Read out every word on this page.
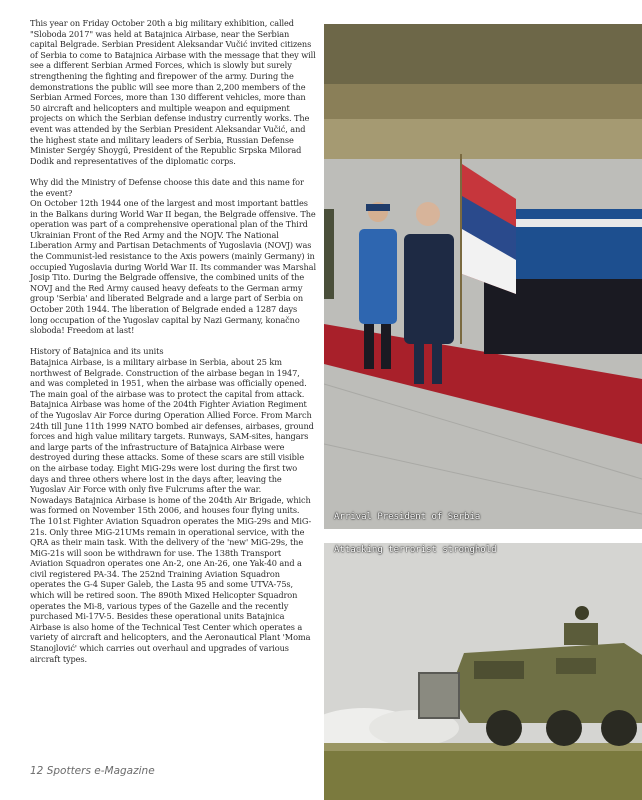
This year on Friday October 20th a big military exhibition, called "Sloboda 2017" was held at Batajnica Airbase, near the Serbian capital Belgrade. Serbian President Aleksandar Vučić invited citizens of Serbia to come to Batajnica Airbase with the message that they will see a different Serbian Armed Forces, which is slowly but surely strengthening the fighting and firepower of the army. During the demonstrations the public will see more than 2,200 members of the Serbian Armed Forces, more than 130 different vehicles, more than 50 aircraft and helicopters and multiple weapon and equipment projects on which the Serbian defense industry currently works. The event was attended by the Serbian President Aleksandar Vučić, and the highest state and military leaders of Serbia, Russian Defense Minister Sergéy Shoygú, President of the Republic Srpska Milorad Dodik and representatives of the diplomatic corps.

Why did the Ministry of Defense choose this date and this name for the event?
On October 12th 1944 one of the largest and most important battles in the Balkans during World War II began, the Belgrade offensive. The operation was part of a comprehensive operational plan of the Third Ukrainian Front of the Red Army and the NOJV. The National Liberation Army and Partisan Detachments of Yugoslavia (NOVJ) was the Communist-led resistance to the Axis powers (mainly Germany) in occupied Yugoslavia during World War II. Its commander was Marshal Josip Tito. During the Belgrade offensive, the combined units of the NOVJ and the Red Army caused heavy defeats to the German army group 'Serbia' and liberated Belgrade and a large part of Serbia on October 20th 1944. The liberation of Belgrade ended a 1287 days long occupation of the Yugoslav capital by Nazi Germany, konačno sloboda! Freedom at last!

History of Batajnica and its units
Batajnica Airbase, is a military airbase in Serbia, about 25 km northwest of Belgrade. Construction of the airbase began in 1947, and was completed in 1951, when the airbase was officially opened. The main goal of the airbase was to protect the capital from attack. Batajnica Airbase was home of the 204th Fighter Aviation Regiment of the Yugoslav Air Force during Operation Allied Force. From March 24th till June 11th 1999 NATO bombed air defenses, airbases, ground forces and high value military targets. Runways, SAM-sites, hangars and large parts of the infrastructure of Batajnica Airbase were destroyed during these attacks. Some of these scars are still visible on the airbase today. Eight MiG-29s were lost during the first two days and three others where lost in the days after, leaving the Yugoslav Air Force with only five Fulcrums after the war.

Nowadays Batajnica Airbase is home of the 204th Air Brigade, which was formed on November 15th 2006, and houses four flying units. The 101st Fighter Aviation Squadron operates the MiG-29s and MiG-21s. Only three MiG-21UMs remain in operational service, with the QRA as their main task. With the delivery of the 'new' MiG-29s, the MiG-21s will soon be withdrawn for use. The 138th Transport Aviation Squadron operates one An-2, one An-26, one Yak-40 and a civil registered PA-34. The 252nd Training Aviation Squadron operates the G-4 Super Galeb, the Lasta 95 and some UTVA-75s, which will be retired soon. The 890th Mixed Helicopter Squadron operates the Mi-8, various types of the Gazelle and the recently purchased Mi-17V-5. Besides these operational units Batajnica Airbase is also home of the Technical Test Center which operates a variety of aircraft and helicopters, and the Aeronautical Plant 'Moma Stanojlović' which carries out overhaul and upgrades of various aircraft types.

12 Spotters e-Magazine
Arrival President of Serbia
Attacking terrorist stronghold
